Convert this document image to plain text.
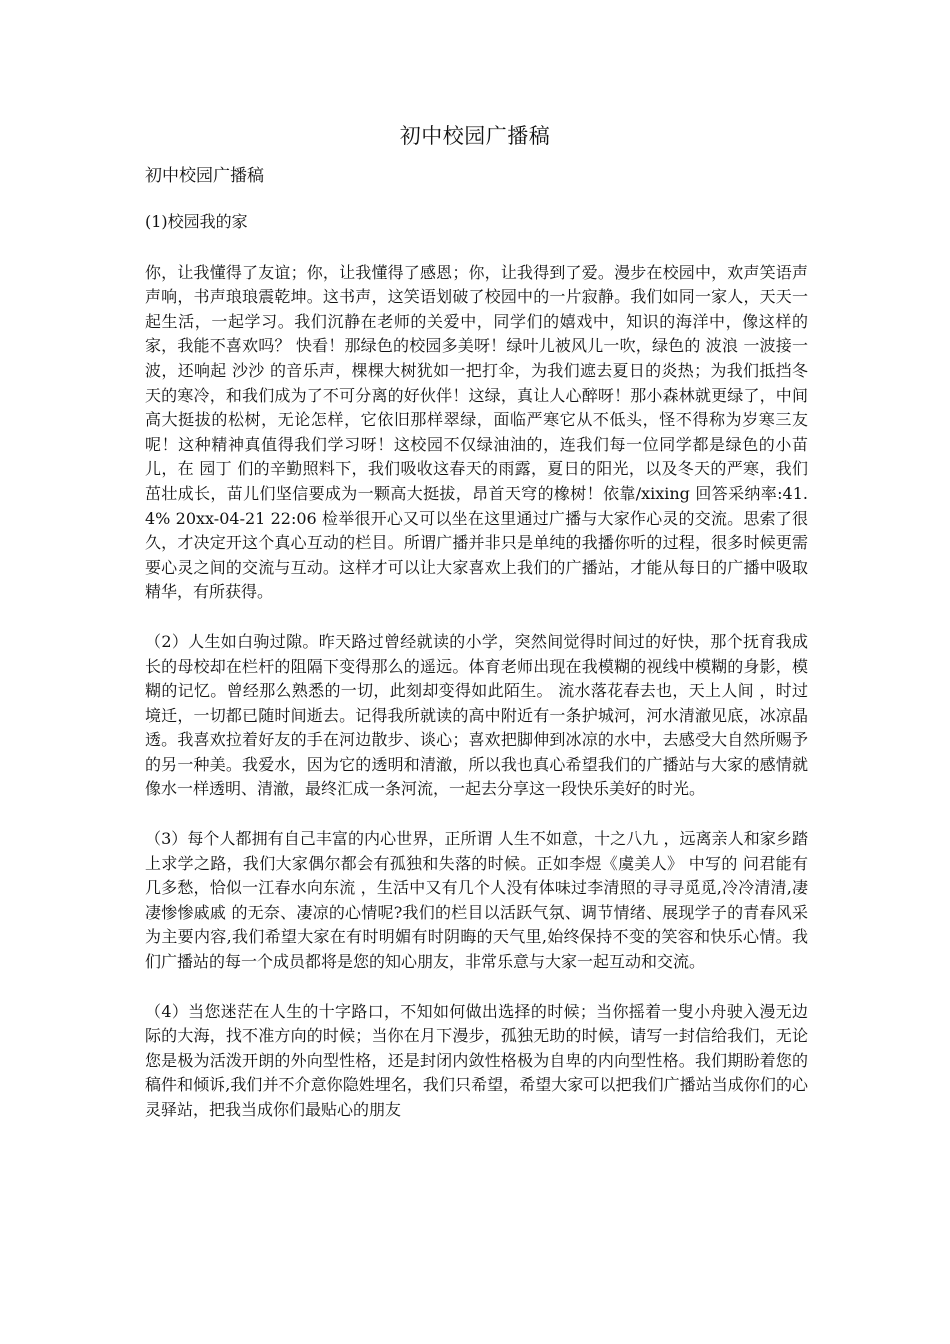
初中校园广播稿
初中校园广播稿
(1)校园我的家

你，让我懂得了友谊；你，让我懂得了感恩；你，让我得到了爱。漫步在校园中，欢声笑语声声响，书声琅琅震乾坤。这书声，这笑语划破了校园中的一片寂静。我们如同一家人，天天一起生活，一起学习。我们沉静在老师的关爱中，同学们的嬉戏中，知识的海洋中，像这样的家，我能不喜欢吗？ 快看！那绿色的校园多美呀！绿叶儿被风儿一吹，绿色的 波浪 一波接一波，还响起 沙沙 的音乐声，棵棵大树犹如一把打伞，为我们遮去夏日的炎热；为我们抵挡冬天的寒冷，和我们成为了不可分离的好伙伴！这绿，真让人心醉呀！那小森林就更绿了，中间高大挺拔的松树，无论怎样，它依旧那样翠绿，面临严寒它从不低头，怪不得称为岁寒三友呢！这种精神真值得我们学习呀！这校园不仅绿油油的，连我们每一位同学都是绿色的小苗儿，在 园丁 们的辛勤照料下，我们吸收这春天的雨露，夏日的阳光，以及冬天的严寒，我们茁壮成长，苗儿们坚信要成为一颗高大挺拔，昂首天穹的橡树！依靠/xixing 回答采纳率:41.4% 20xx-04-21 22:06 检举很开心又可以坐在这里通过广播与大家作心灵的交流。思索了很久，才决定开这个真心互动的栏目。所谓广播并非只是单纯的我播你听的过程，很多时候更需要心灵之间的交流与互动。这样才可以让大家喜欢上我们的广播站，才能从每日的广播中吸取精华，有所获得。

（2）人生如白驹过隙。昨天路过曾经就读的小学，突然间觉得时间过的好快，那个抚育我成长的母校却在栏杆的阻隔下变得那么的遥远。体育老师出现在我模糊的视线中模糊的身影，模糊的记忆。曾经那么熟悉的一切，此刻却变得如此陌生。 流水落花春去也，天上人间 ，时过境迁，一切都已随时间逝去。记得我所就读的高中附近有一条护城河，河水清澈见底，冰凉晶透。我喜欢拉着好友的手在河边散步、谈心；喜欢把脚伸到冰凉的水中，去感受大自然所赐予的另一种美。我爱水，因为它的透明和清澈，所以我也真心希望我们的广播站与大家的感情就像水一样透明、清澈，最终汇成一条河流，一起去分享这一段快乐美好的时光。

（3）每个人都拥有自己丰富的内心世界，正所谓 人生不如意，十之八九 ，远离亲人和家乡踏上求学之路，我们大家偶尔都会有孤独和失落的时候。正如李煜《虞美人》 中写的 问君能有几多愁，恰似一江春水向东流 ，生活中又有几个人没有体味过李清照的寻寻觅觅,冷冷清清,凄凄惨惨戚戚 的无奈、凄凉的心情呢?我们的栏目以活跃气氛、调节情绪、展现学子的青春风采为主要内容,我们希望大家在有时明媚有时阴晦的天气里,始终保持不变的笑容和快乐心情。我们广播站的每一个成员都将是您的知心朋友，非常乐意与大家一起互动和交流。

（4）当您迷茫在人生的十字路口，不知如何做出选择的时候；当你摇着一叟小舟驶入漫无边际的大海，找不准方向的时候；当你在月下漫步，孤独无助的时候，请写一封信给我们，无论您是极为活泼开朗的外向型性格，还是封闭内敛性格极为自卑的内向型性格。我们期盼着您的稿件和倾诉,我们并不介意你隐姓埋名，我们只希望，希望大家可以把我们广播站当成你们的心灵驿站，把我当成你们最贴心的朋友
